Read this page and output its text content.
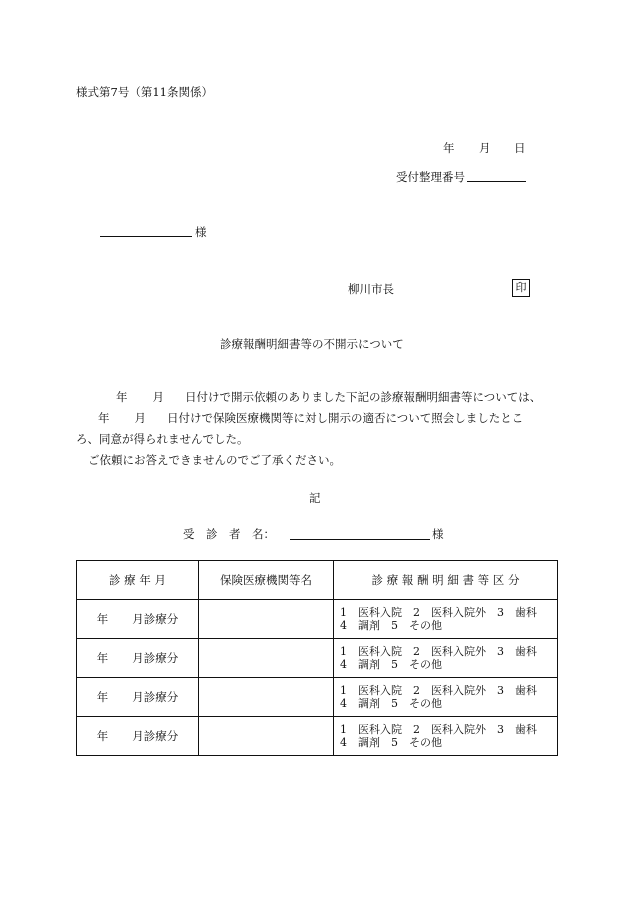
様式第7号（第11条関係）
年 月 日
受付整理番号
様
柳川市長	印
診療報酬明細書等の不開示について
年 月 日付けで開示依頼のありました下記の診療報酬明細書等については、
年 月 日付けで保険医療機関等に対し開示の適否について照会しましたとこ
ろ、同意が得られませんでした。
ご依頼にお答えできませんのでご了承ください。
記
受　診　者　名：	様
診 療 年 月	保険医療機関等名	診 療 報 酬 明 細 書 等 区 分
年 月診療分		1　医科入院　2　医科入院外　3　歯科
4　調剤　5　その他

年 月診療分		1　医科入院　2　医科入院外　3　歯科
4　調剤　5　その他

年 月診療分		1　医科入院　2　医科入院外　3　歯科
4　調剤　5　その他

年 月診療分		1　医科入院　2　医科入院外　3　歯科
4　調剤　5　その他
